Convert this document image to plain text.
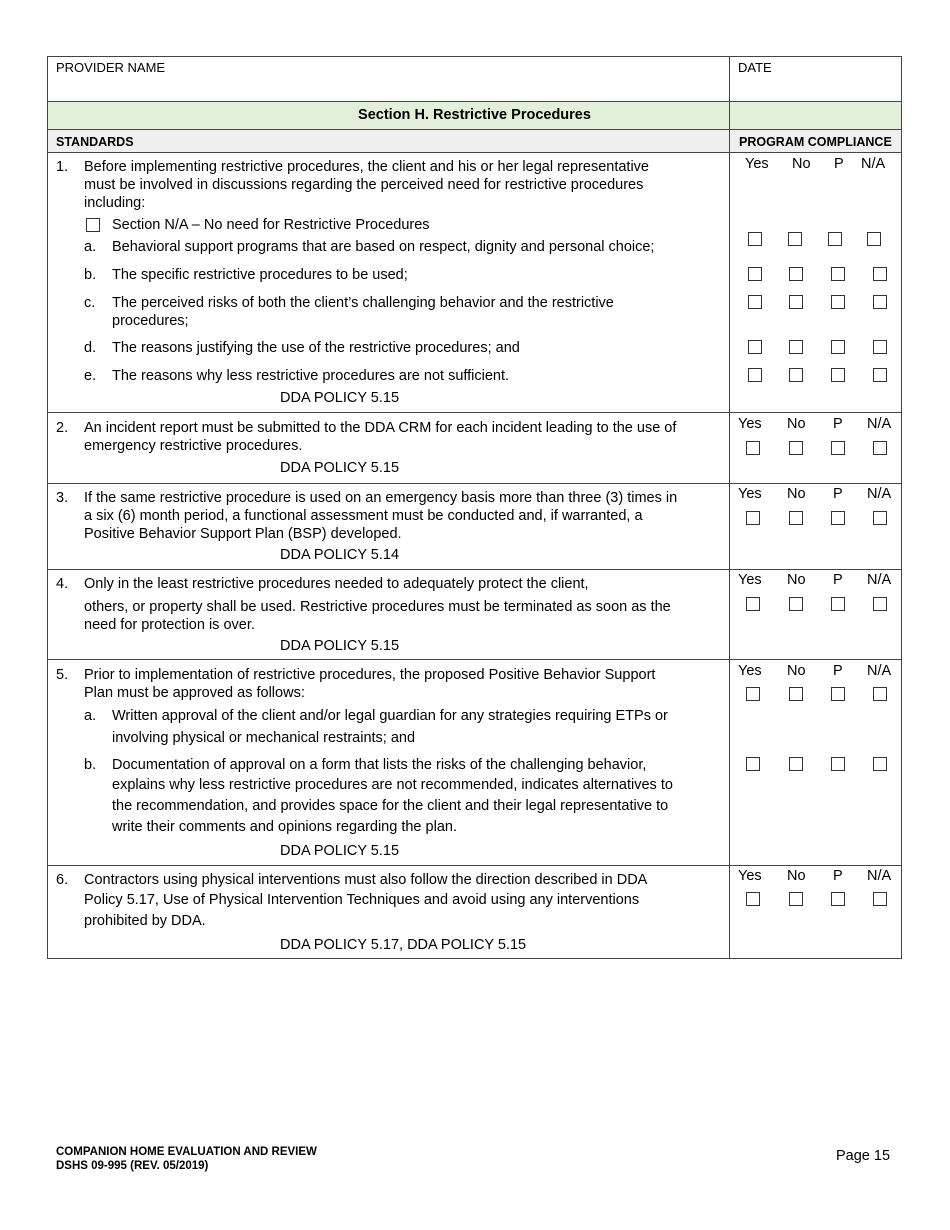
PROVIDER NAME	DATE
Section H. Restrictive Procedures
STANDARDS	PROGRAM COMPLIANCE
1. Before implementing restrictive procedures, the client and his or her legal representative
must be involved in discussions regarding the perceived need for restrictive procedures
including:
Yes No P N/A
Section N/A – No need for Restrictive Procedures
a. Behavioral support programs that are based on respect, dignity and personal choice;
b. The specific restrictive procedures to be used;
c. The perceived risks of both the client’s challenging behavior and the restrictive
procedures;
d. The reasons justifying the use of the restrictive procedures; and
e. The reasons why less restrictive procedures are not sufficient.
DDA POLICY 5.15
2. An incident report must be submitted to the DDA CRM for each incident leading to the use of
emergency restrictive procedures.
DDA POLICY 5.15
Yes No P N/A
3. If the same restrictive procedure is used on an emergency basis more than three (3) times in
a six (6) month period, a functional assessment must be conducted and, if warranted, a
Positive Behavior Support Plan (BSP) developed.
DDA POLICY 5.14
Yes No P N/A
4. Only in the least restrictive procedures needed to adequately protect the client,
others, or property shall be used. Restrictive procedures must be terminated as soon as the
need for protection is over.
DDA POLICY 5.15
Yes No P N/A
5. Prior to implementation of restrictive procedures, the proposed Positive Behavior Support
Plan must be approved as follows:
Yes No P N/A
a. Written approval of the client and/or legal guardian for any strategies requiring ETPs or
involving physical or mechanical restraints; and
b. Documentation of approval on a form that lists the risks of the challenging behavior,
explains why less restrictive procedures are not recommended, indicates alternatives to
the recommendation, and provides space for the client and their legal representative to
write their comments and opinions regarding the plan.
DDA POLICY 5.15
6. Contractors using physical interventions must also follow the direction described in DDA
Policy 5.17, Use of Physical Intervention Techniques and avoid using any interventions
prohibited by DDA.
DDA POLICY 5.17, DDA POLICY 5.15
Yes No P N/A
COMPANION HOME EVALUATION AND REVIEW
DSHS 09-995 (REV. 05/2019)
Page 15
